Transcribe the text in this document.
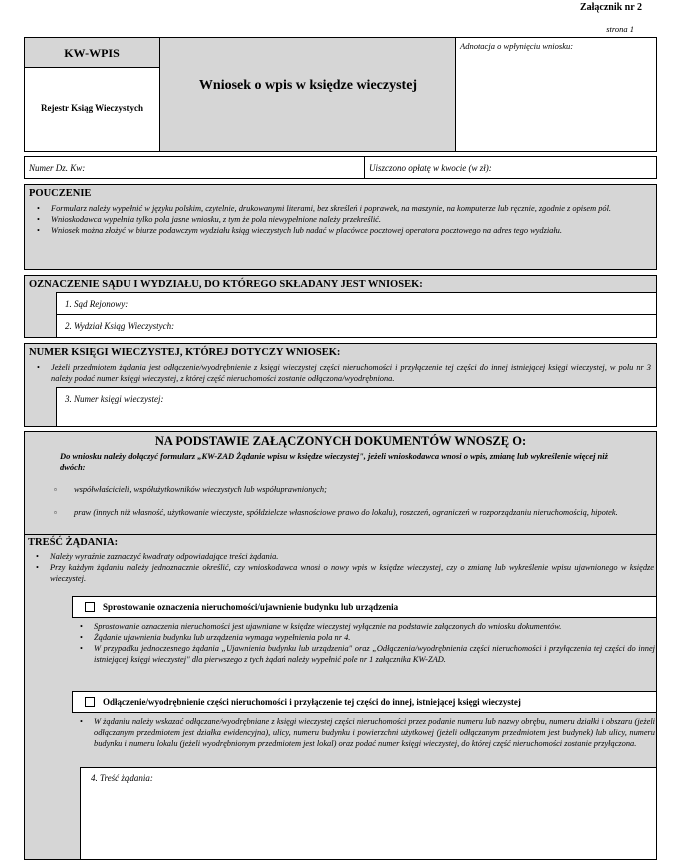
Załącznik nr 2
strona 1
KW-WPIS
Rejestr Ksiąg Wieczystych
Wniosek o wpis w księdze wieczystej
Adnotacja o wpłynięciu wniosku:
Numer Dz. Kw:	Uiszczono opłatę w kwocie (w zł):
POUCZENIE
• Formularz należy wypełnić w języku polskim, czytelnie, drukowanymi literami, bez skreśleń i poprawek, na maszynie, na komputerze lub ręcznie, zgodnie z opisem pól.
• Wnioskodawca wypełnia tylko pola jasne wniosku, z tym że pola niewypełnione należy przekreślić.
• Wniosek można złożyć w biurze podawczym wydziału ksiąg wieczystych lub nadać w placówce pocztowej operatora pocztowego na adres tego wydziału.
OZNACZENIE SĄDU I WYDZIAŁU, DO KTÓREGO SKŁADANY JEST WNIOSEK:
1. Sąd Rejonowy:
2. Wydział Ksiąg Wieczystych:
NUMER KSIĘGI WIECZYSTEJ, KTÓREJ DOTYCZY WNIOSEK:
• Jeżeli przedmiotem żądania jest odłączenie/wyodrębnienie z księgi wieczystej części nieruchomości i przyłączenie tej części do innej istniejącej księgi wieczystej, w polu nr 3 należy podać numer księgi wieczystej, z której część nieruchomości zostanie odłączona/wyodrębniona.
3. Numer księgi wieczystej:
NA PODSTAWIE ZAŁĄCZONYCH DOKUMENTÓW WNOSZĘ O:
Do wniosku należy dołączyć formularz „KW-ZAD Żądanie wpisu w księdze wieczystej", jeżeli wnioskodawca wnosi o wpis, zmianę lub wykreślenie więcej niż dwóch:
▫ współwłaścicieli, współużytkowników wieczystych lub współuprawnionych;
▫ praw (innych niż własność, użytkowanie wieczyste, spółdzielcze własnościowe prawo do lokalu), roszczeń, ograniczeń w rozporządzaniu nieruchomością, hipotek.
TREŚĆ ŻĄDANIA:
• Należy wyraźnie zaznaczyć kwadraty odpowiadające treści żądania.
• Przy każdym żądaniu należy jednoznacznie określić, czy wnioskodawca wnosi o nowy wpis w księdze wieczystej, czy o zmianę lub wykreślenie wpisu ujawnionego w księdze wieczystej.
Sprostowanie oznaczenia nieruchomości/ujawnienie budynku lub urządzenia
• Sprostowanie oznaczenia nieruchomości jest ujawniane w księdze wieczystej wyłącznie na podstawie załączonych do wniosku dokumentów.
• Żądanie ujawnienia budynku lub urządzenia wymaga wypełnienia pola nr 4.
• W przypadku jednoczesnego żądania „Ujawnienia budynku lub urządzenia" oraz „Odłączenia/wyodrębnienia części nieruchomości i przyłączenia tej części do innej istniejącej księgi wieczystej" dla pierwszego z tych żądań należy wypełnić pole nr 1 załącznika KW-ZAD.
Odłączenie/wyodrębnienie części nieruchomości i przyłączenie tej części do innej, istniejącej księgi wieczystej
• W żądaniu należy wskazać odłączane/wyodrębniane z księgi wieczystej części nieruchomości przez podanie numeru lub nazwy obrębu, numeru działki i obszaru (jeżeli odłączanym przedmiotem jest działka ewidencyjna), ulicy, numeru budynku i powierzchni użytkowej (jeżeli odłączanym przedmiotem jest budynek) lub ulicy, numeru budynku i numeru lokalu (jeżeli wyodrębnionym przedmiotem jest lokal) oraz podać numer księgi wieczystej, do której część nieruchomości zostanie przyłączona.
4. Treść żądania:
